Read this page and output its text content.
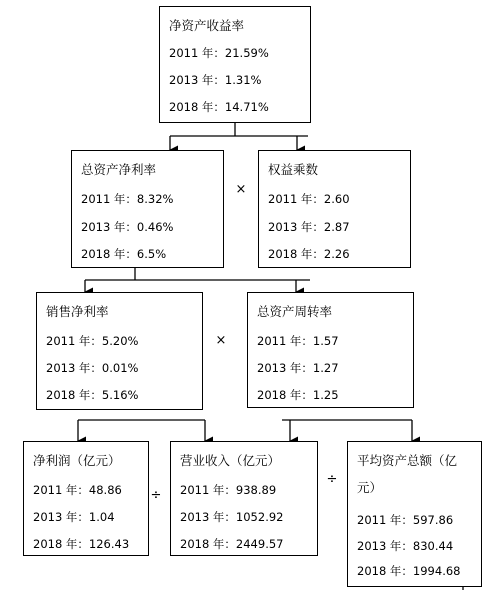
净资产收益率
2011 年：21.59%
2013 年：1.31%
2018 年：14.71%
总资产净利率
2011 年：8.32%
2013 年：0.46%
2018 年：6.5%
×
权益乘数
2011 年：2.60
2013 年：2.87
2018 年：2.26
销售净利率
2011 年：5.20%
2013 年：0.01%
2018 年：5.16%
×
总资产周转率
2011 年：1.57
2013 年：1.27
2018 年：1.25
净利润（亿元）
2011 年：48.86
2013 年：1.04
2018 年：126.43
÷
营业收入（亿元）
2011 年：938.89
2013 年：1052.92
2018 年：2449.57
÷
平均资产总额（亿
元）
2011 年：597.86
2013 年：830.44
2018 年：1994.68
